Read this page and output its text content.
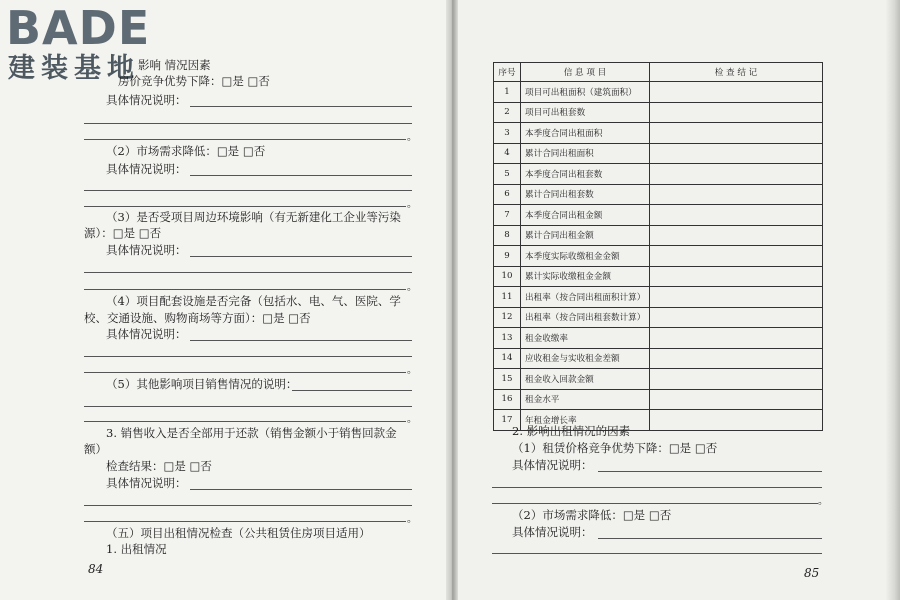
BADE
建装基地
影响 情况因素
房价竞争优势下降：□是 □否
具体情况说明：
。
（2）市场需求降低：□是 □否
具体情况说明：
。
（3）是否受项目周边环境影响（有无新建化工企业等污染
源）：□是 □否
具体情况说明：
。
（4）项目配套设施是否完备（包括水、电、气、医院、学
校、交通设施、购物商场等方面）：□是 □否
具体情况说明：
。
（5）其他影响项目销售情况的说明：
。
3. 销售收入是否全部用于还款（销售金额小于销售回款金
额）
检查结果：□是 □否
具体情况说明：
。
（五）项目出租情况检查（公共租赁住房项目适用）
1. 出租情况
84
序号	信 息 项 目	检 查 结 记
1	项目可出租面积（建筑面积）	
2	项目可出租套数	
3	本季度合同出租面积	
4	累计合同出租面积	
5	本季度合同出租套数	
6	累计合同出租套数	
7	本季度合同出租金额	
8	累计合同出租金额	
9	本季度实际收缴租金金额	
10	累计实际收缴租金金额	
11	出租率（按合同出租面积计算）	
12	出租率（按合同出租套数计算）	
13	租金收缴率	
14	应收租金与实收租金差额	
15	租金收入回款金额	
16	租金水平	
17	年租金增长率	
2. 影响出租情况的因素
（1）租赁价格竞争优势下降：□是 □否
具体情况说明：
。
（2）市场需求降低：□是 □否
具体情况说明：
85
